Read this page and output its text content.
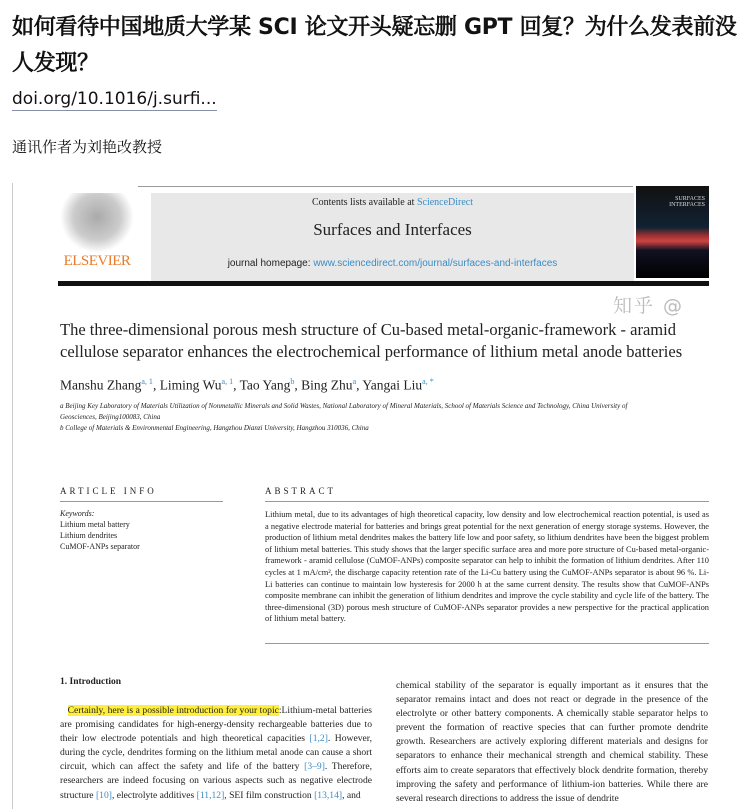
如何看待中国地质大学某 SCI 论文开头疑忘删 GPT 回复？为什么发表前没人发现？
doi.org/10.1016/j.surfi...
通讯作者为刘艳改教授
ELSEVIER
Contents lists available at ScienceDirect
Surfaces and Interfaces
journal homepage: www.sciencedirect.com/journal/surfaces-and-interfaces
SURFACES INTERFACES
知乎 @
The three-dimensional porous mesh structure of Cu-based metal-organic-framework - aramid cellulose separator enhances the electrochemical performance of lithium metal anode batteries
Manshu Zhang$^{a, 1}$, Liming Wu$^{a, 1}$, Tao Yang$^b$, Bing Zhu$^a$, Yangai Liu$^{a, *}$
a Beijing Key Laboratory of Materials Utilization of Nonmetallic Minerals and Solid Wastes, National Laboratory of Mineral Materials, School of Materials Science and Technology, China University of Geosciences, Beijing100083, China
b College of Materials & Environmental Engineering, Hangzhou Dianzi University, Hangzhou 310036, China
ARTICLE INFO
Keywords:
Lithium metal battery
Lithium dendrites
CuMOF-ANPs separator
ABSTRACT
Lithium metal, due to its advantages of high theoretical capacity, low density and low electrochemical reaction potential, is used as a negative electrode material for batteries and brings great potential for the next generation of energy storage systems. However, the production of lithium metal dendrites makes the battery life low and poor safety, so lithium dendrites have been the biggest problem of lithium metal batteries. This study shows that the larger specific surface area and more pore structure of Cu-based metal-organic-framework - aramid cellulose (CuMOF-ANPs) composite separator can help to inhibit the formation of lithium dendrites. After 110 cycles at 1 mA/cm², the discharge capacity retention rate of the Li-Cu battery using the CuMOF-ANPs separator is about 96 %. Li-Li batteries can continue to maintain low hysteresis for 2000 h at the same current density. The results show that CuMOF-ANPs composite membrane can inhibit the generation of lithium dendrites and improve the cycle stability and cycle life of the battery. The three-dimensional (3D) porous mesh structure of CuMOF-ANPs separator provides a new perspective for the practical application of lithium metal battery.
1. Introduction
Certainly, here is a possible introduction for your topic:Lithium-metal batteries are promising candidates for high-energy-density rechargeable batteries due to their low electrode potentials and high theoretical capacities [1,2]. However, during the cycle, dendrites forming on the lithium metal anode can cause a short circuit, which can affect the safety and life of the battery [3–9]. Therefore, researchers are indeed focusing on various aspects such as negative electrode structure [10], electrolyte additives [11,12], SEI film construction [13,14], and
chemical stability of the separator is equally important as it ensures that the separator remains intact and does not react or degrade in the presence of the electrolyte or other battery components. A chemically stable separator helps to prevent the formation of reactive species that can further promote dendrite growth. Researchers are actively exploring different materials and designs for separators to enhance their mechanical strength and chemical stability. These efforts aim to create separators that effectively block dendrite formation, thereby improving the safety and performance of lithium-ion batteries. While there are several research directions to address the issue of dendrite
